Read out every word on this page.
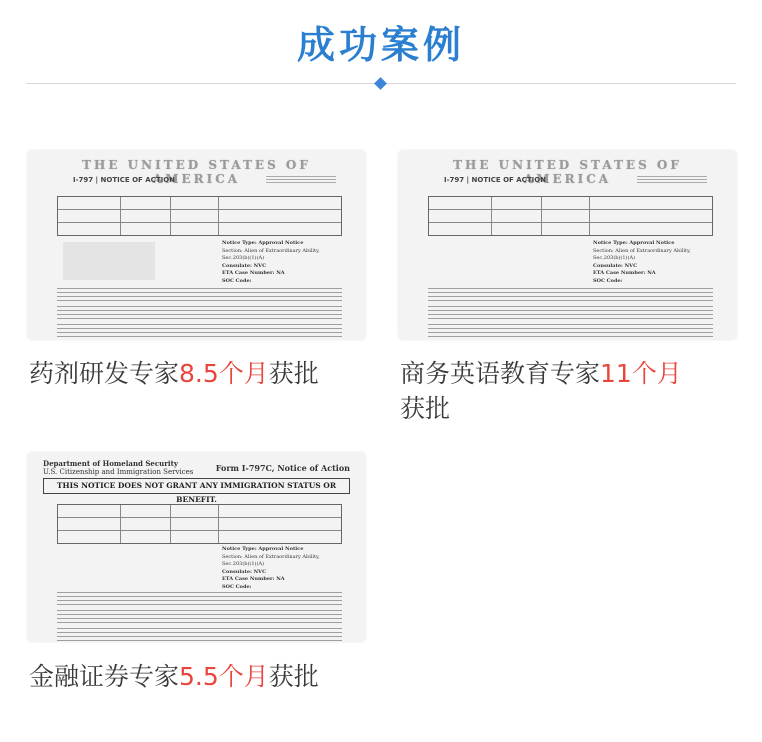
成功案例
THE UNITED STATES OF AMERICA
I-797 | NOTICE OF ACTION
Notice Type: Approval Notice
Section: Alien of Extraordinary Ability,
Sec.203(b)(1)(A)
Consulate: NVC
ETA Case Number: NA
SOC Code:
药剂研发专家8.5个月获批
THE UNITED STATES OF AMERICA
I-797 | NOTICE OF ACTION
Notice Type: Approval Notice
Section: Alien of Extraordinary Ability,
Sec.203(b)(1)(A)
Consulate: NVC
ETA Case Number: NA
SOC Code:
商务英语教育专家11个月
获批
Department of Homeland Security
U.S. Citizenship and Immigration Services	Form I-797C, Notice of Action
THIS NOTICE DOES NOT GRANT ANY IMMIGRATION STATUS OR BENEFIT.
Notice Type: Approval Notice
Section: Alien of Extraordinary Ability,
Sec.203(b)(1)(A)
Consulate: NVC
ETA Case Number: NA
SOC Code:
金融证券专家5.5个月获批
